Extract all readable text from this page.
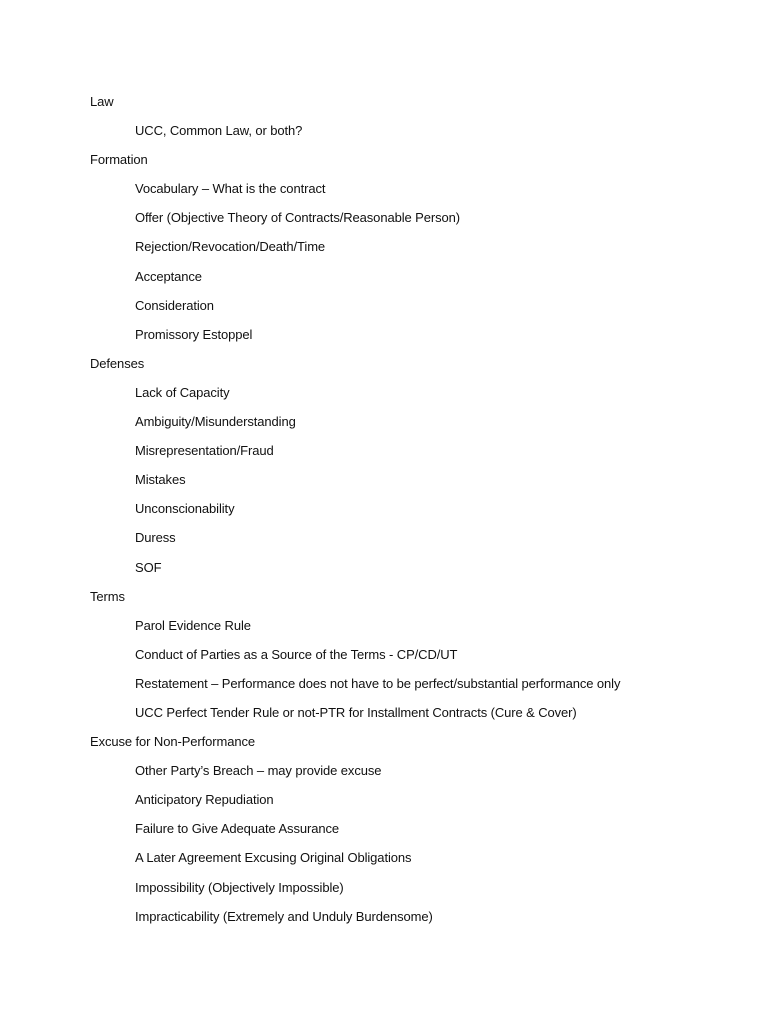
Law
UCC, Common Law, or both?
Formation
Vocabulary – What is the contract
Offer (Objective Theory of Contracts/Reasonable Person)
Rejection/Revocation/Death/Time
Acceptance
Consideration
Promissory Estoppel
Defenses
Lack of Capacity
Ambiguity/Misunderstanding
Misrepresentation/Fraud
Mistakes
Unconscionability
Duress
SOF
Terms
Parol Evidence Rule
Conduct of Parties as a Source of the Terms - CP/CD/UT
Restatement – Performance does not have to be perfect/substantial performance only
UCC Perfect Tender Rule or not-PTR for Installment Contracts (Cure & Cover)
Excuse for Non-Performance
Other Party’s Breach – may provide excuse
Anticipatory Repudiation
Failure to Give Adequate Assurance
A Later Agreement Excusing Original Obligations
Impossibility (Objectively Impossible)
Impracticability (Extremely and Unduly Burdensome)
